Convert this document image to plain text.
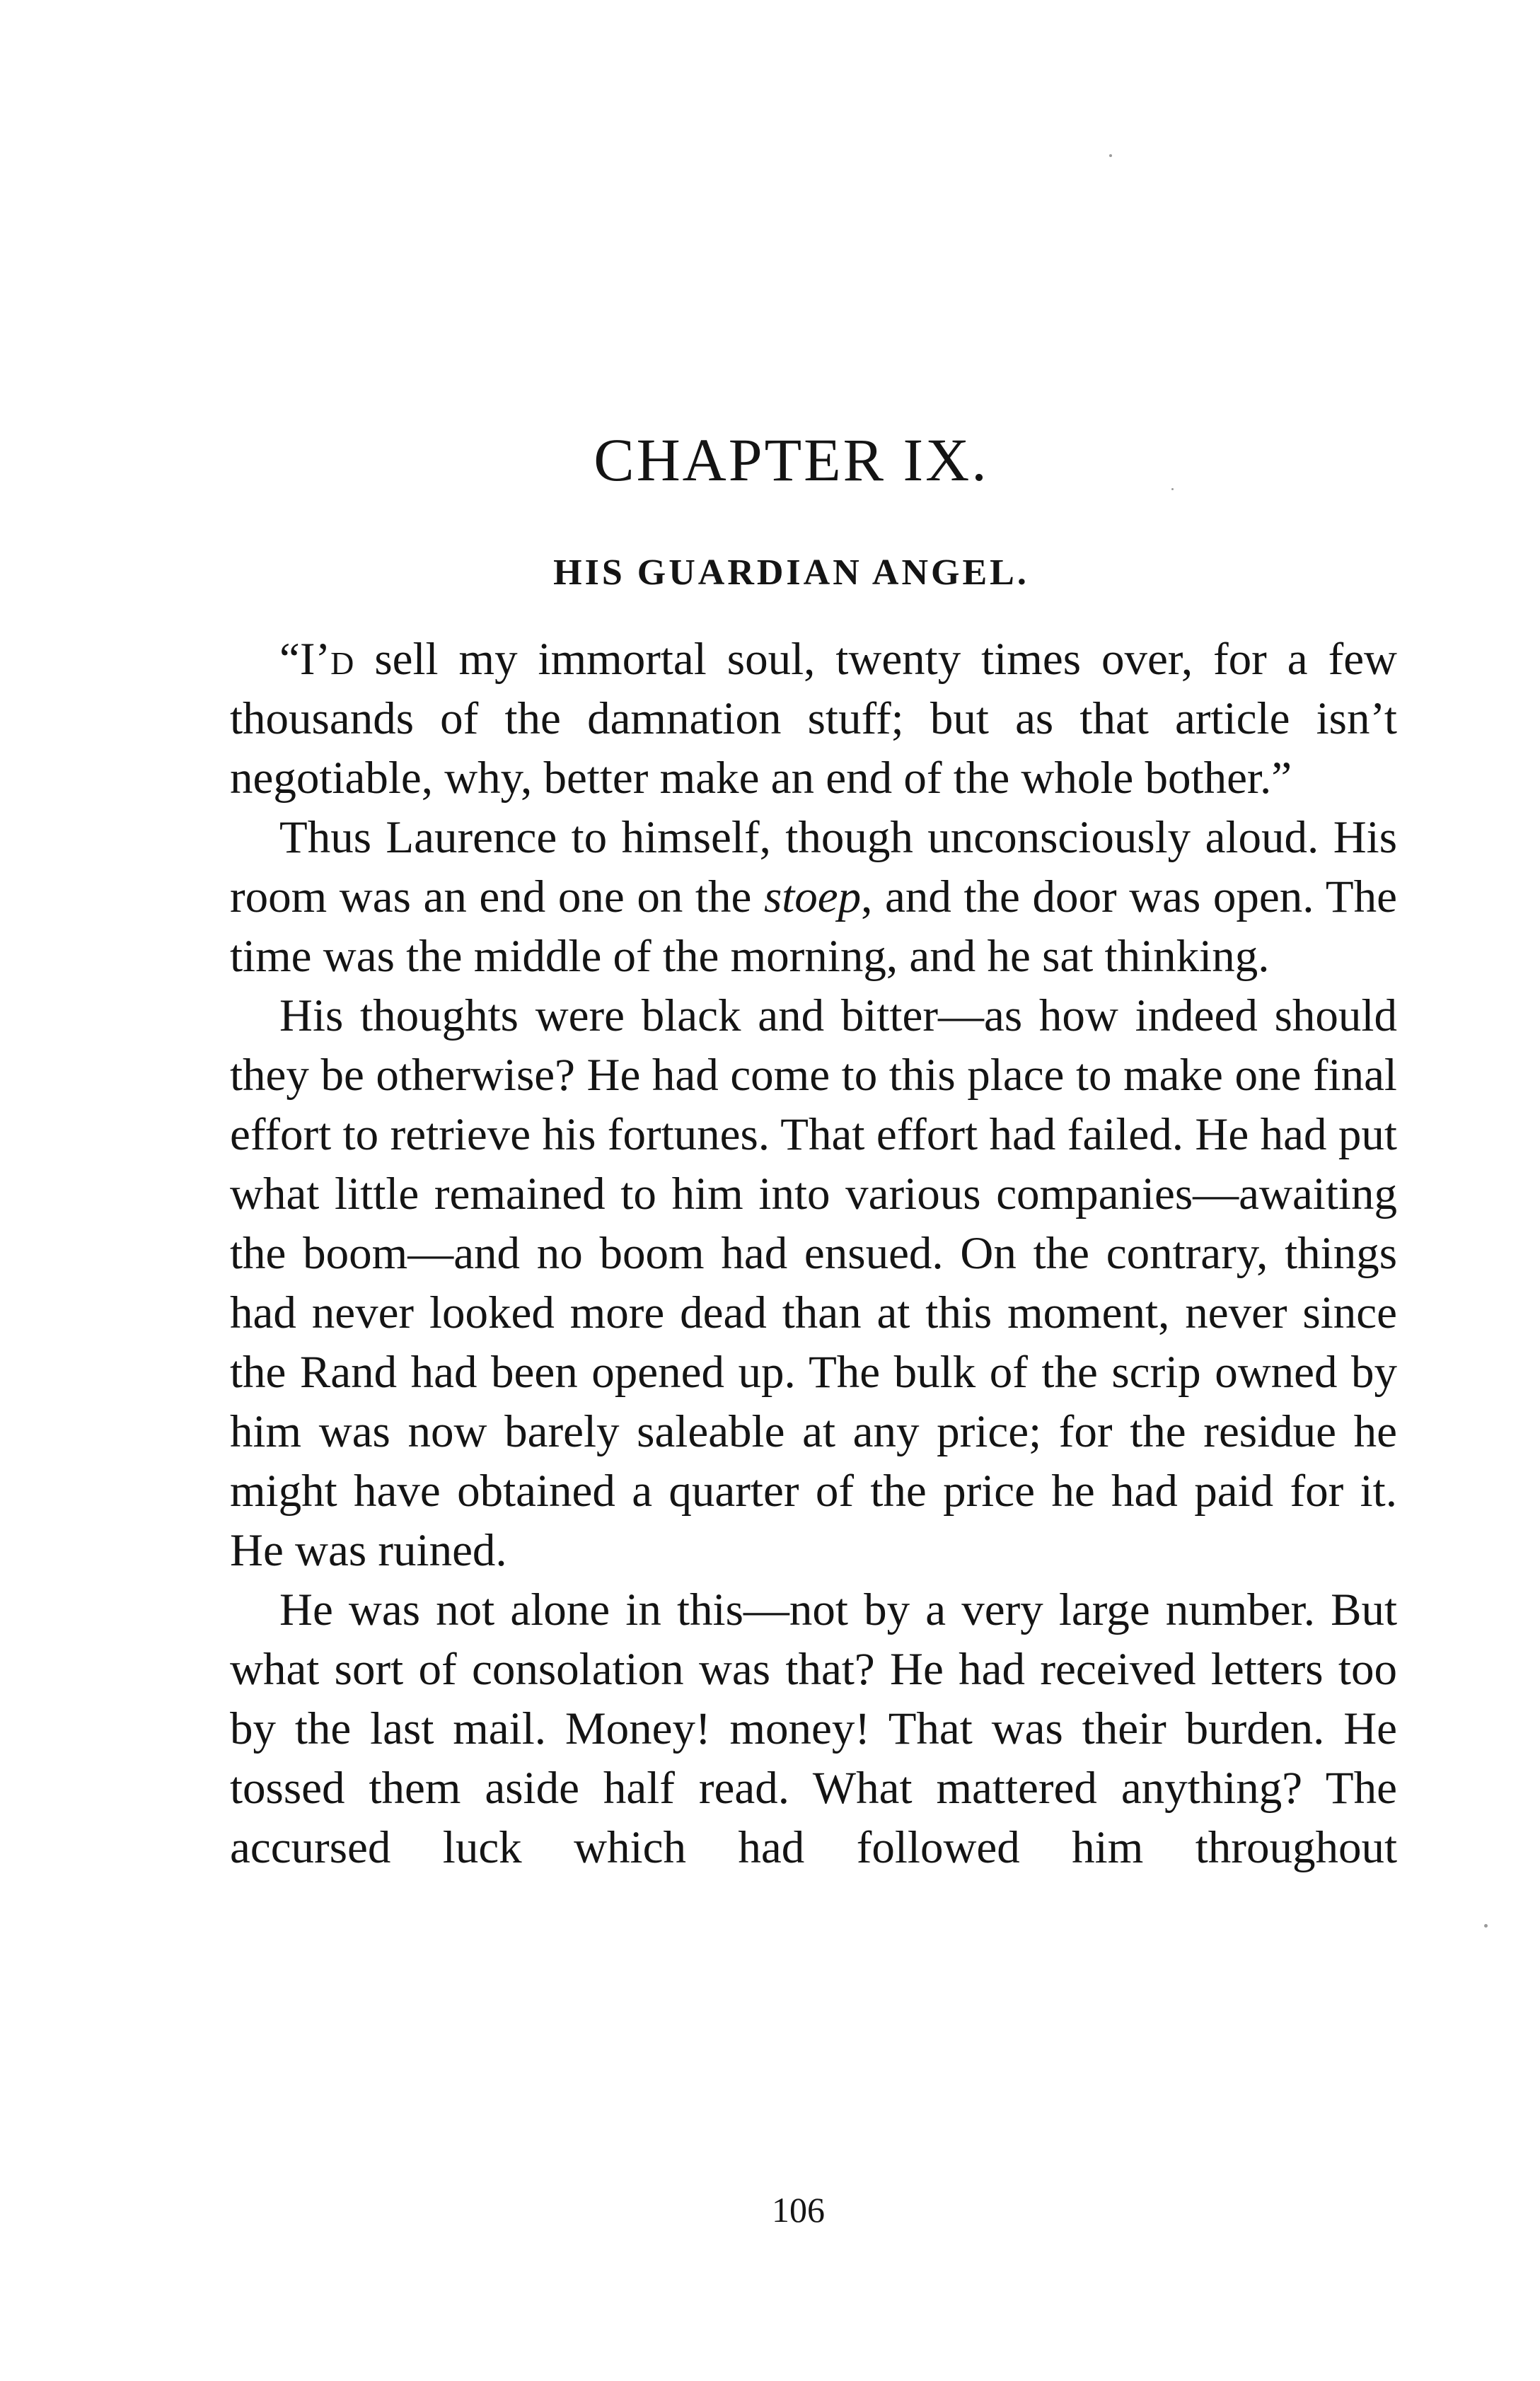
CHAPTER IX.
HIS GUARDIAN ANGEL.

“I’d sell my immortal soul, twenty times over, for a few thousands of the damnation stuff; but as that article isn’t negotiable, why, better make an end of the whole bother.”

Thus Laurence to himself, though unconsciously aloud. His room was an end one on the stoep, and the door was open. The time was the middle of the morning, and he sat thinking.

His thoughts were black and bitter—as how indeed should they be otherwise? He had come to this place to make one final effort to retrieve his fortunes. That effort had failed. He had put what little remained to him into various companies—awaiting the boom—and no boom had ensued. On the contrary, things had never looked more dead than at this moment, never since the Rand had been opened up. The bulk of the scrip owned by him was now barely saleable at any price; for the residue he might have obtained a quarter of the price he had paid for it. He was ruined.

He was not alone in this—not by a very large number. But what sort of consolation was that? He had received letters too by the last mail. Money! money! That was their burden. He tossed them aside half read. What mattered anything? The accursed luck which had followed him throughout

106
